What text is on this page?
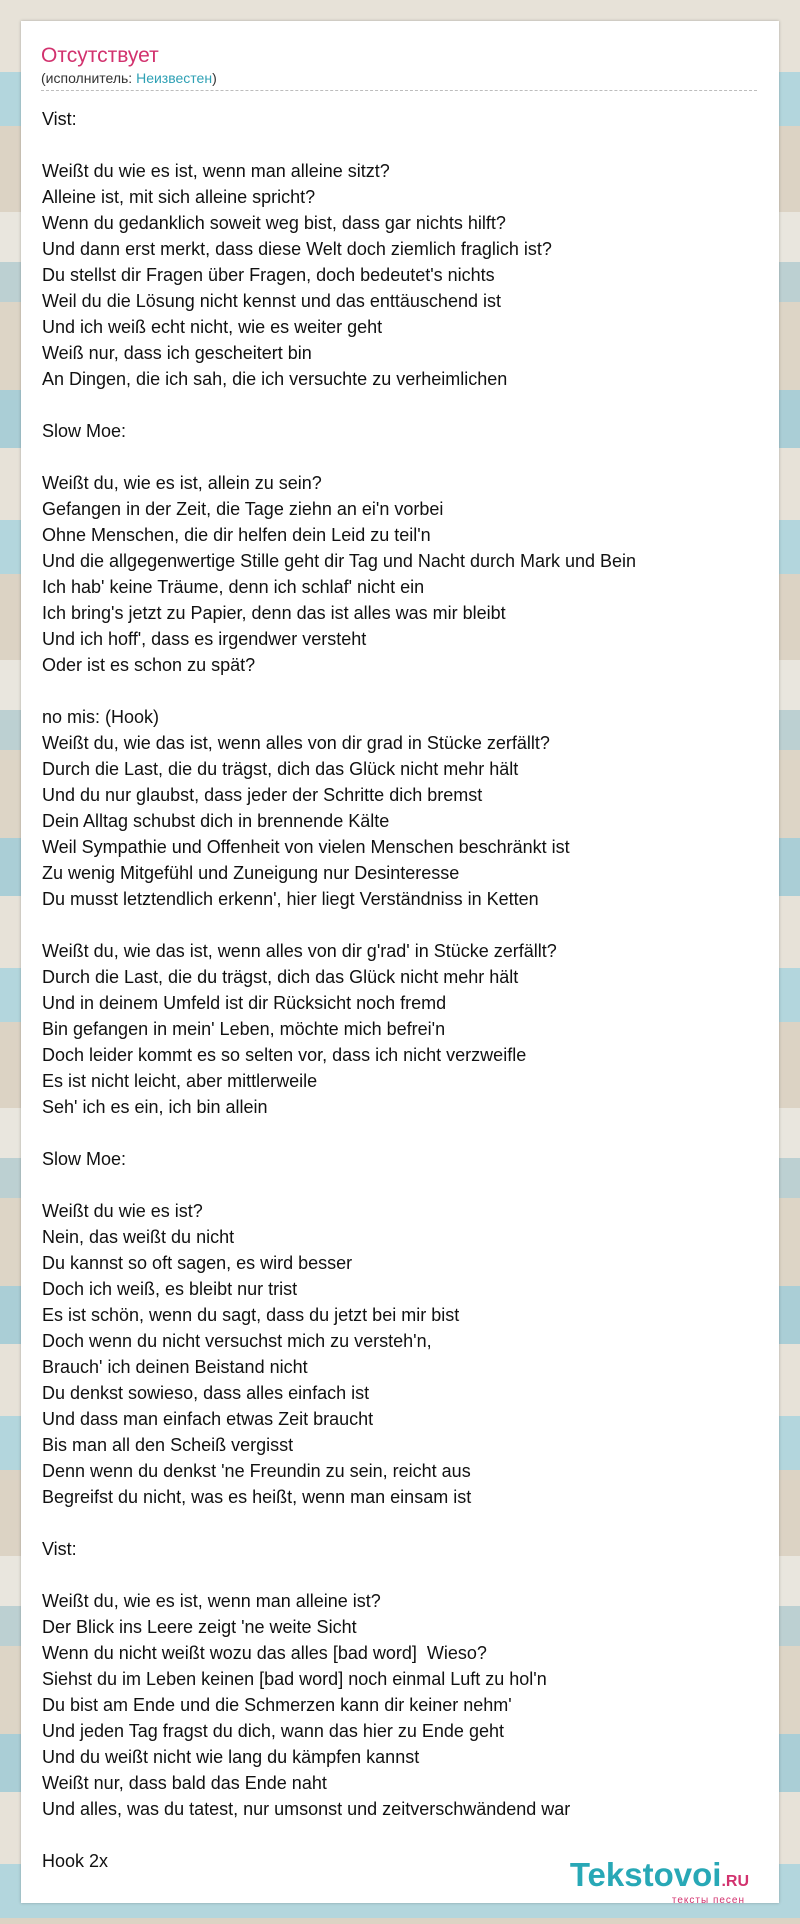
Отсутствует
(исполнитель: Неизвестен)
Vist:
Weißt du wie es ist, wenn man alleine sitzt?
Alleine ist, mit sich alleine spricht?
Wenn du gedanklich soweit weg bist, dass gar nichts hilft?
Und dann erst merkt, dass diese Welt doch ziemlich fraglich ist?
Du stellst dir Fragen über Fragen, doch bedeutet's nichts
Weil du die Lösung nicht kennst und das enttäuschend ist
Und ich weiß echt nicht, wie es weiter geht
Weiß nur, dass ich gescheitert bin
An Dingen, die ich sah, die ich versuchte zu verheimlichen
Slow Moe:
Weißt du, wie es ist, allein zu sein?
Gefangen in der Zeit, die Tage ziehn an ei'n vorbei
Ohne Menschen, die dir helfen dein Leid zu teil'n
Und die allgegenwertige Stille geht dir Tag und Nacht durch Mark und Bein
Ich hab' keine Träume, denn ich schlaf' nicht ein
Ich bring's jetzt zu Papier, denn das ist alles was mir bleibt
Und ich hoff', dass es irgendwer versteht
Oder ist es schon zu spät?
no mis: (Hook)
Weißt du, wie das ist, wenn alles von dir grad in Stücke zerfällt?
Durch die Last, die du trägst, dich das Glück nicht mehr hält
Und du nur glaubst, dass jeder der Schritte dich bremst
Dein Alltag schubst dich in brennende Kälte
Weil Sympathie und Offenheit von vielen Menschen beschränkt ist
Zu wenig Mitgefühl und Zuneigung nur Desinteresse
Du musst letztendlich erkenn', hier liegt Verständniss in Ketten
Weißt du, wie das ist, wenn alles von dir g'rad' in Stücke zerfällt?
Durch die Last, die du trägst, dich das Glück nicht mehr hält
Und in deinem Umfeld ist dir Rücksicht noch fremd
Bin gefangen in mein' Leben, möchte mich befrei'n
Doch leider kommt es so selten vor, dass ich nicht verzweifle
Es ist nicht leicht, aber mittlerweile
Seh' ich es ein, ich bin allein
Slow Moe:
Weißt du wie es ist?
Nein, das weißt du nicht
Du kannst so oft sagen, es wird besser
Doch ich weiß, es bleibt nur trist
Es ist schön, wenn du sagt, dass du jetzt bei mir bist
Doch wenn du nicht versuchst mich zu versteh'n,
Brauch' ich deinen Beistand nicht
Du denkst sowieso, dass alles einfach ist
Und dass man einfach etwas Zeit braucht
Bis man all den Scheiß vergisst
Denn wenn du denkst 'ne Freundin zu sein, reicht aus
Begreifst du nicht, was es heißt, wenn man einsam ist
Vist:
Weißt du, wie es ist, wenn man alleine ist?
Der Blick ins Leere zeigt 'ne weite Sicht
Wenn du nicht weißt wozu das alles [bad word]  Wieso?
Siehst du im Leben keinen [bad word] noch einmal Luft zu hol'n
Du bist am Ende und die Schmerzen kann dir keiner nehm'
Und jeden Tag fragst du dich, wann das hier zu Ende geht
Und du weißt nicht wie lang du kämpfen kannst
Weißt nur, dass bald das Ende naht
Und alles, was du tatest, nur umsonst und zeitverschwändend war
Hook 2x	Tekstovoi.RU
тексты песен
